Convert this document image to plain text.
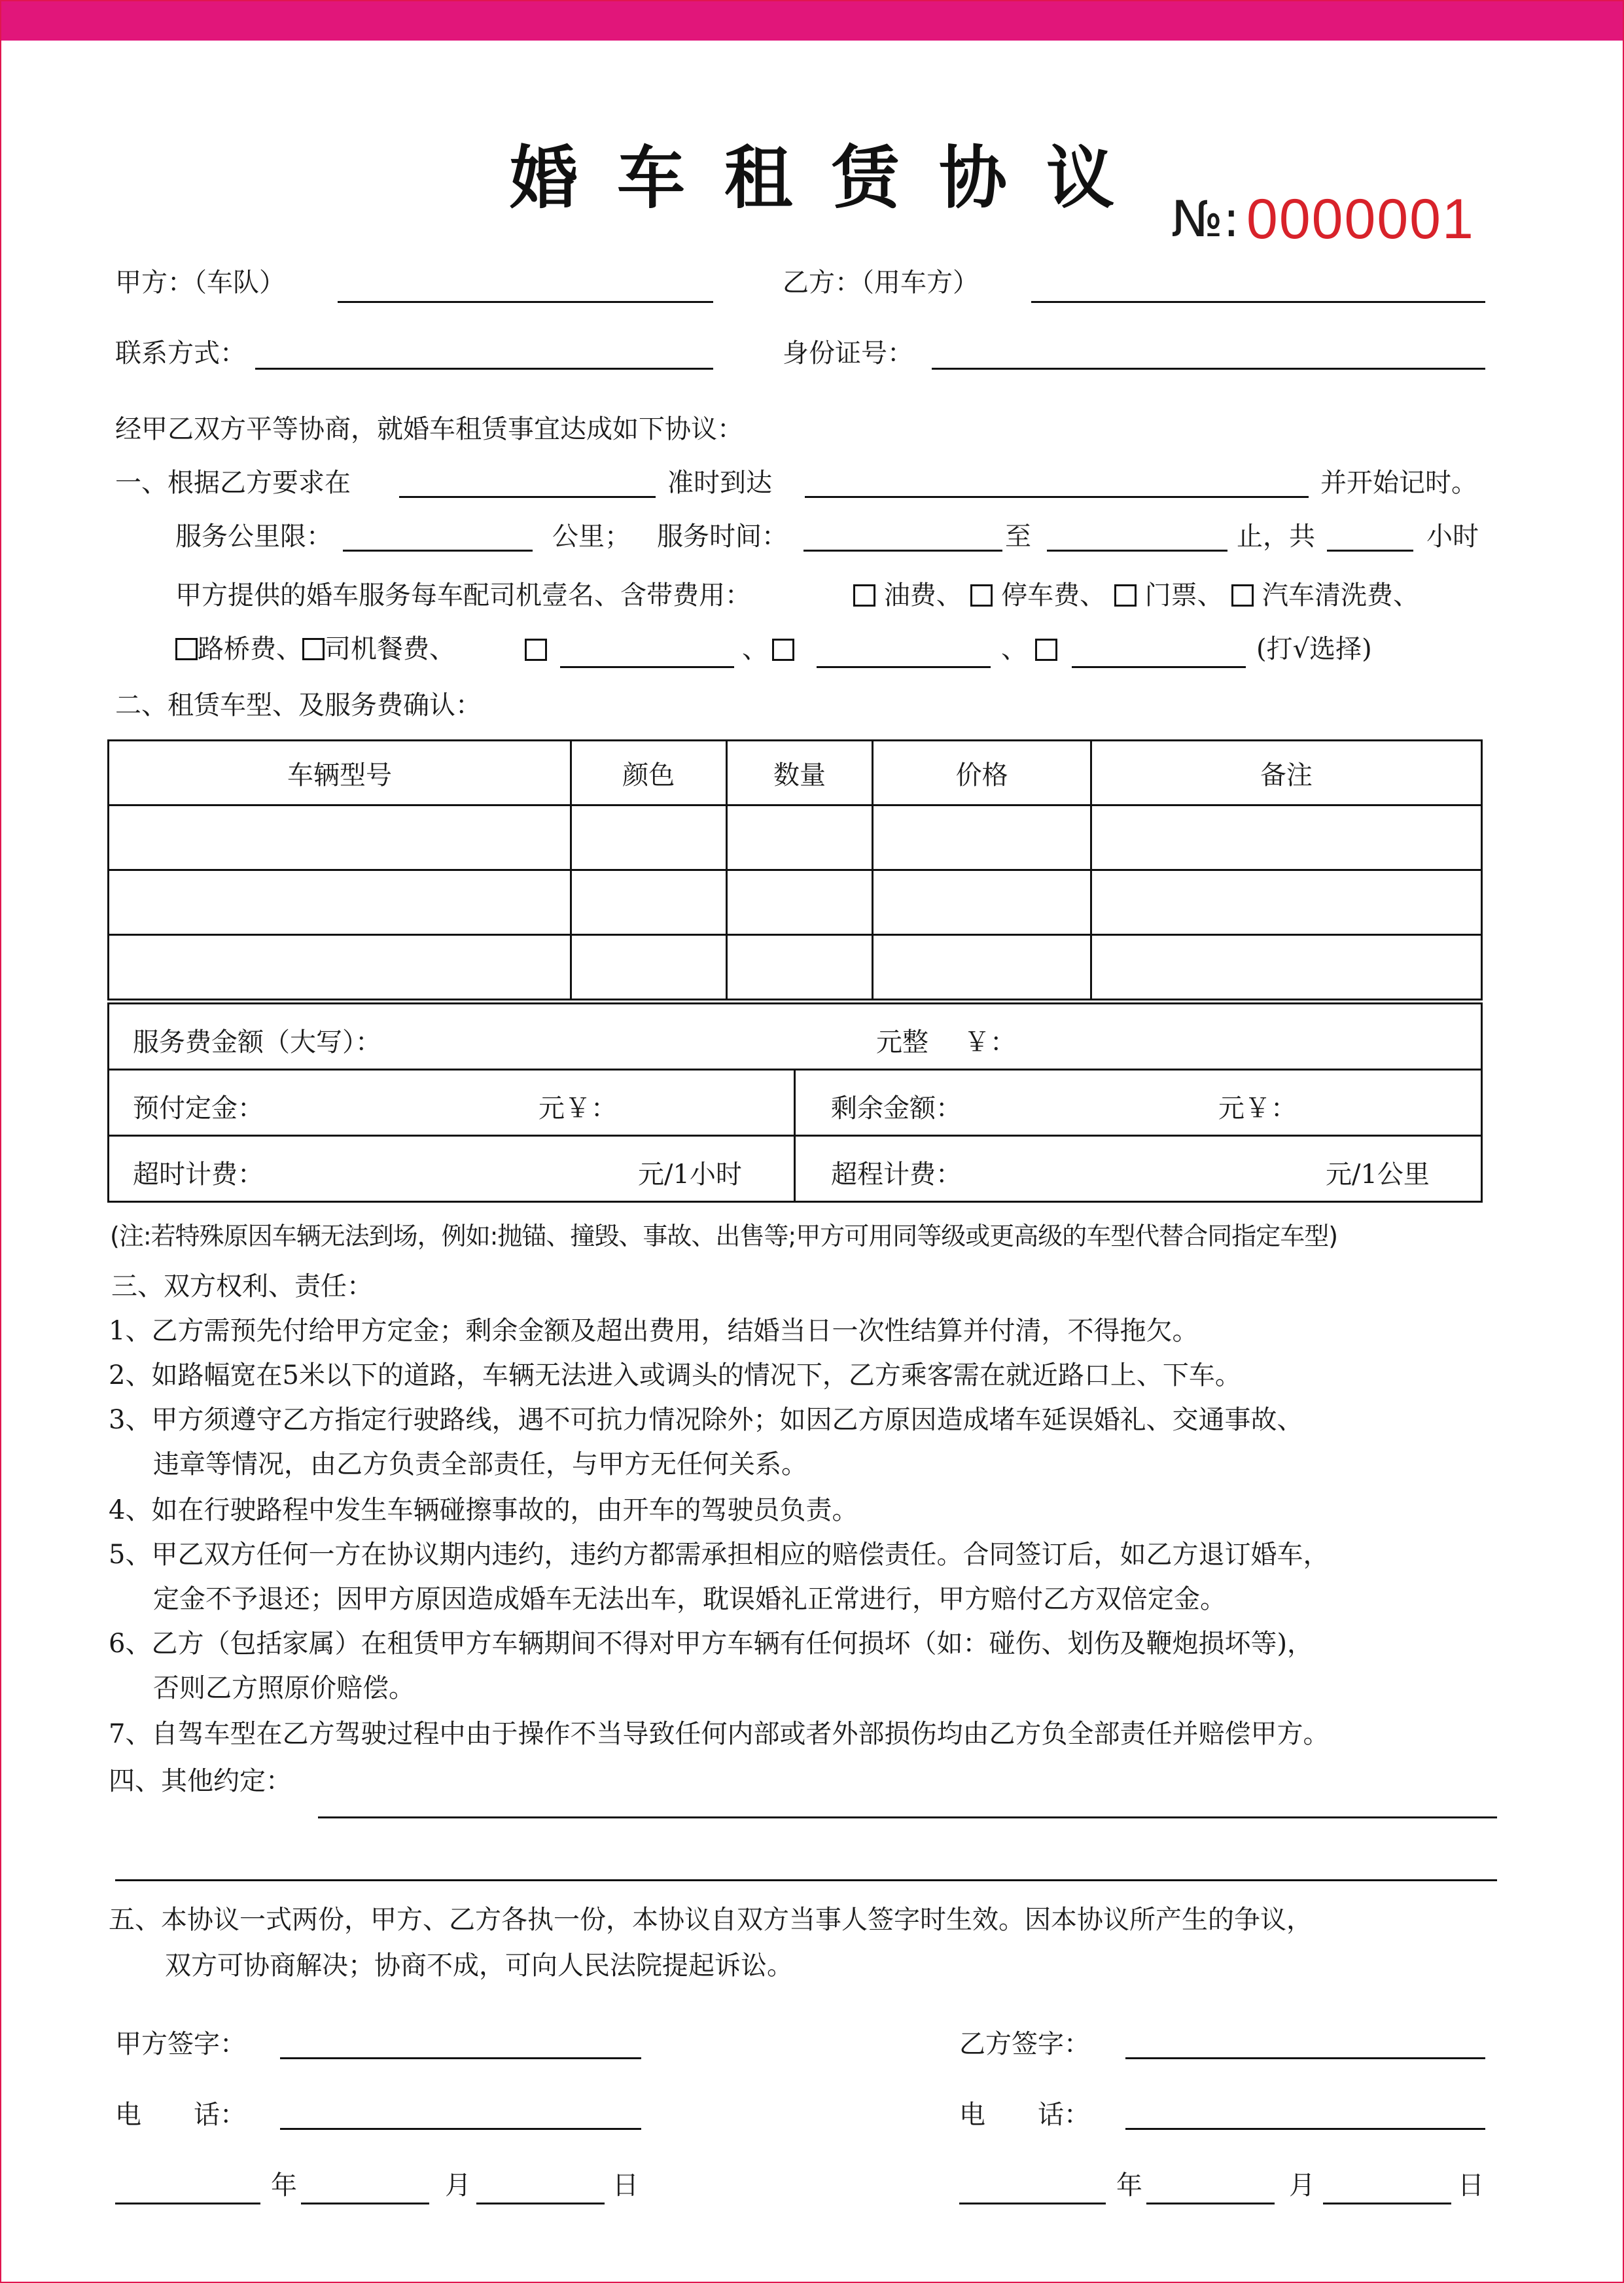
婚车租赁协议
№: 0000001
甲方：（车队）	乙方：（用车方）
联系方式：	身份证号：
经甲乙双方平等协商，就婚车租赁事宜达成如下协议：
一、根据乙方要求在	准时到达	并开始记时。
服务公里限：	公里； 服务时间：	至	止，共	小时
甲方提供的婚车服务每车配司机壹名、含带费用：	油费、 停车费、 门票、 汽车清洗费、
路桥费、 司机餐费、	、	、	(打√选择)
二、租赁车型、及服务费确认：
车辆型号	颜色	数量	价格	备注

服务费金额（大写）：	元整 ￥：
预付定金：	元￥：	剩余金额：	元￥：
超时计费：	元/1小时	超程计费：	元/1公里
(注:若特殊原因车辆无法到场，例如:抛锚、撞毁、事故、出售等;甲方可用同等级或更高级的车型代替合同指定车型)
三、双方权利、责任：
1、乙方需预先付给甲方定金；剩余金额及超出费用，结婚当日一次性结算并付清，不得拖欠。
2、如路幅宽在5米以下的道路，车辆无法进入或调头的情况下，乙方乘客需在就近路口上、下车。
3、甲方须遵守乙方指定行驶路线，遇不可抗力情况除外；如因乙方原因造成堵车延误婚礼、交通事故、
违章等情况，由乙方负责全部责任，与甲方无任何关系。
4、如在行驶路程中发生车辆碰擦事故的，由开车的驾驶员负责。
5、甲乙双方任何一方在协议期内违约，违约方都需承担相应的赔偿责任。合同签订后，如乙方退订婚车，
定金不予退还；因甲方原因造成婚车无法出车，耽误婚礼正常进行，甲方赔付乙方双倍定金。
6、乙方（包括家属）在租赁甲方车辆期间不得对甲方车辆有任何损坏（如：碰伤、划伤及鞭炮损坏等)，
否则乙方照原价赔偿。
7、自驾车型在乙方驾驶过程中由于操作不当导致任何内部或者外部损伤均由乙方负全部责任并赔偿甲方。
四、其他约定：
五、本协议一式两份，甲方、乙方各执一份，本协议自双方当事人签字时生效。因本协议所产生的争议，
双方可协商解决；协商不成，可向人民法院提起诉讼。
甲方签字：	乙方签字：
电　　话：	电　　话：
年	月	日	年	月	日
